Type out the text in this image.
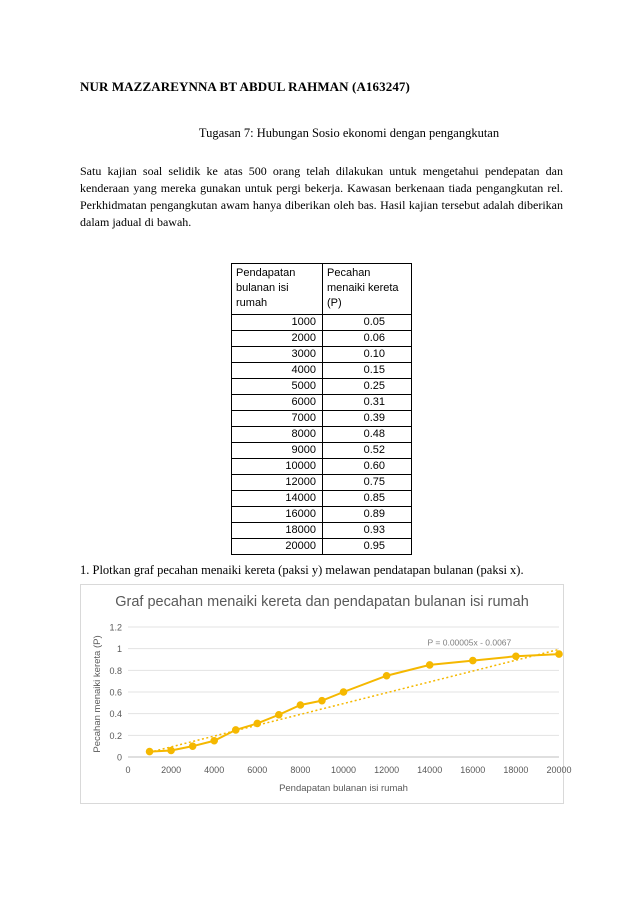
NUR MAZZAREYNNA BT ABDUL RAHMAN (A163247)
Tugasan 7: Hubungan Sosio ekonomi dengan pengangkutan
Satu kajian soal selidik ke atas 500 orang telah dilakukan untuk mengetahui pendepatan dan kenderaan yang mereka gunakan untuk pergi bekerja. Kawasan berkenaan tiada pengangkutan rel. Perkhidmatan pengangkutan awam hanya diberikan oleh bas. Hasil kajian tersebut adalah diberikan dalam jadual di bawah.
Pendapatan bulanan isi rumah	Pecahan menaiki kereta (P)
1000	0.05
2000	0.06
3000	0.10
4000	0.15
5000	0.25
6000	0.31
7000	0.39
8000	0.48
9000	0.52
10000	0.60
12000	0.75
14000	0.85
16000	0.89
18000	0.93
20000	0.95
1. Plotkan graf pecahan menaiki kereta (paksi y) melawan pendatapan bulanan (paksi x).
Graf pecahan menaiki kereta dan pendapatan bulanan isi rumah
0
0.2
0.4
0.6
0.8
1
1.2
0	2000	4000	6000	8000 10000 12000 14000 16000 18000 20000
Pendapatan bulanan isi rumah
Pecahan menaiki kereta (P)	P = 0.00005x - 0.0067
